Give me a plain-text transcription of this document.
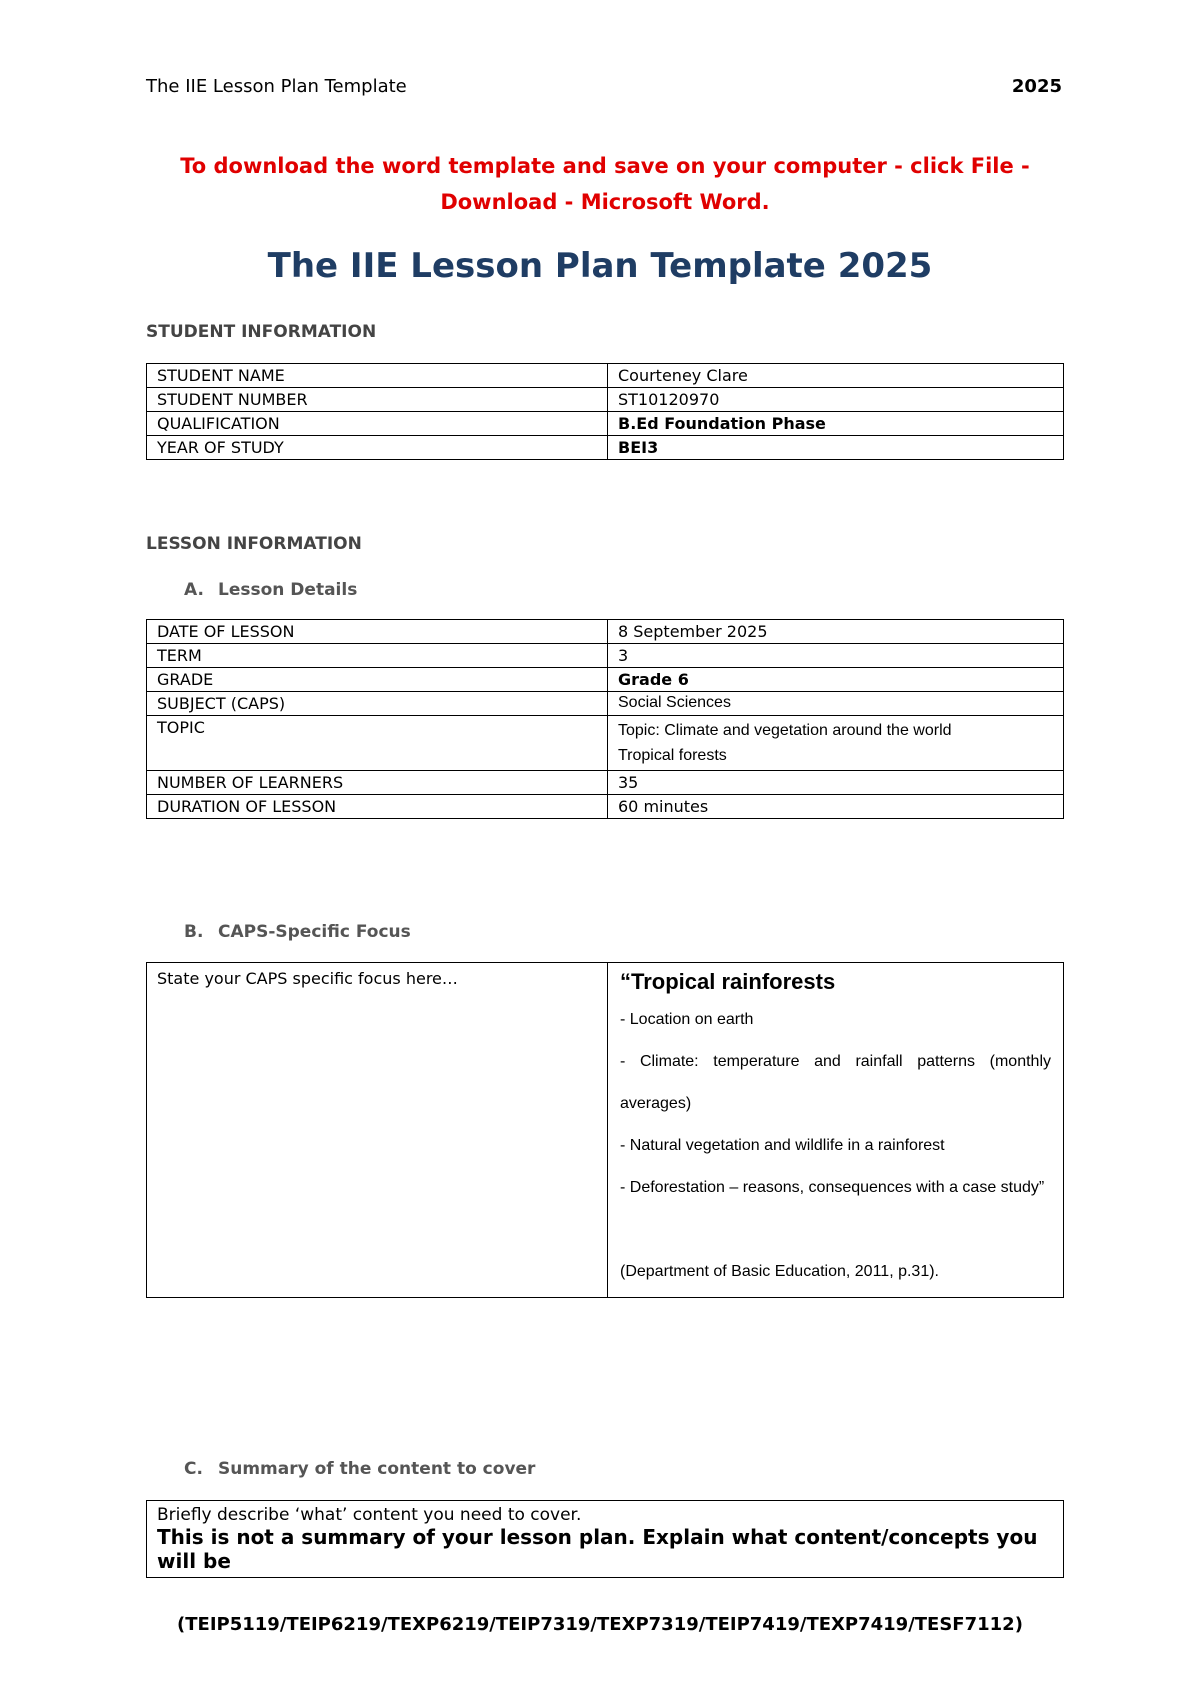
The IIE Lesson Plan Template	2025
To download the word template and save on your computer - click File - Download - Microsoft Word.
The IIE Lesson Plan Template 2025
STUDENT INFORMATION
STUDENT NAME	Courteney Clare
STUDENT NUMBER	ST10120970
QUALIFICATION	B.Ed Foundation Phase
YEAR OF STUDY	BEI3
LESSON INFORMATION
A. Lesson Details
DATE OF LESSON	8 September 2025
TERM	3
GRADE	Grade 6
SUBJECT (CAPS)	Social Sciences
TOPIC	Topic: Climate and vegetation around the world
Tropical forests

NUMBER OF LEARNERS	35
DURATION OF LESSON	60 minutes
B. CAPS-Specific Focus
State your CAPS specific focus here…	“Tropical rainforests
- Location on earth
- Climate: temperature and rainfall patterns (monthly averages)
- Natural vegetation and wildlife in a rainforest
- Deforestation – reasons, consequences with a case study”
(Department of Basic Education, 2011, p.31).
C. Summary of the content to cover
Briefly describe ‘what’ content you need to cover.
This is not a summary of your lesson plan. Explain what content/concepts you will be
(TEIP5119/TEIP6219/TEXP6219/TEIP7319/TEXP7319/TEIP7419/TEXP7419/TESF7112)
